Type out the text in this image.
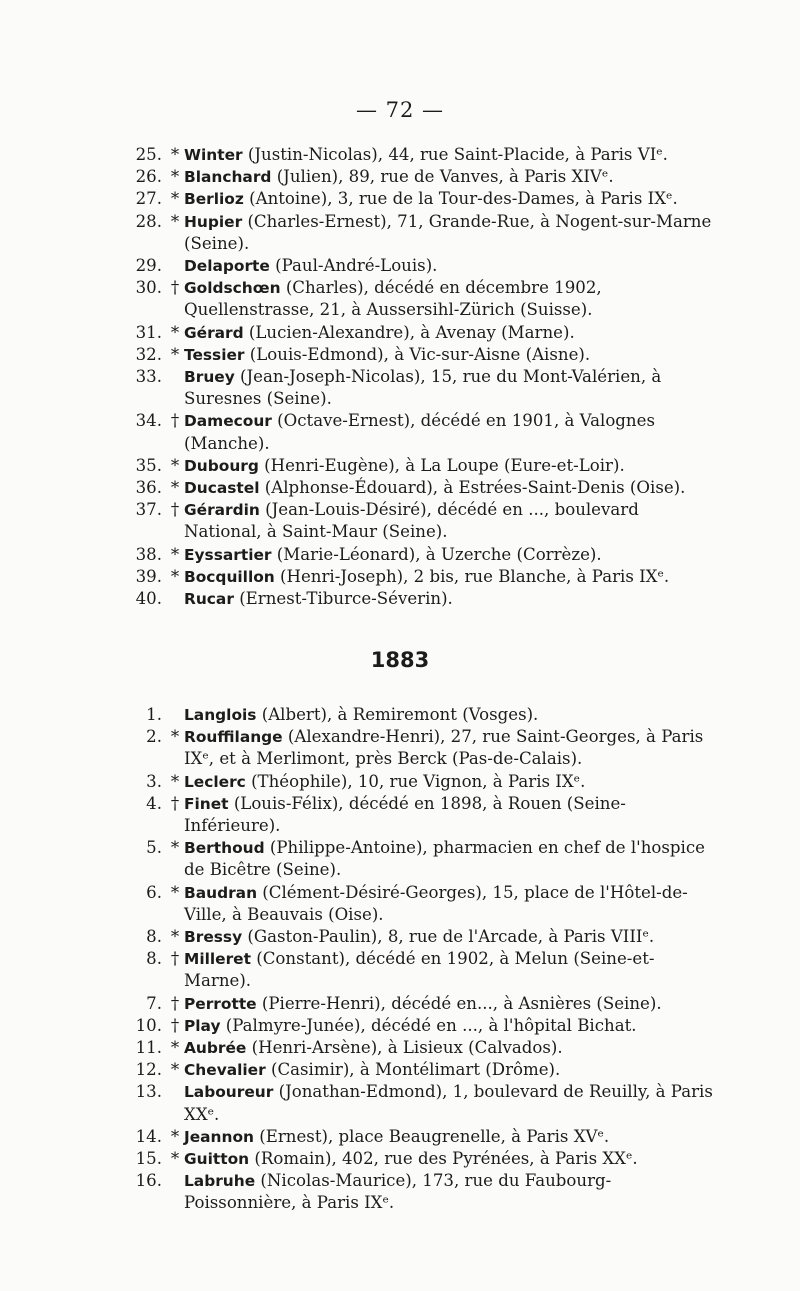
— 72 —
25. * Winter (Justin-Nicolas), 44, rue Saint-Placide, à Paris VIᵉ.
26. * Blanchard (Julien), 89, rue de Vanves, à Paris XIVᵉ.
27. * Berlioz (Antoine), 3, rue de la Tour-des-Dames, à Paris IXᵉ.
28. * Hupier (Charles-Ernest), 71, Grande-Rue, à Nogent-sur-Marne (Seine).
29. Delaporte (Paul-André-Louis).
30. † Goldschœn (Charles), décédé en décembre 1902, Quellenstrasse, 21, à Aussersihl-Zürich (Suisse).
31. * Gérard (Lucien-Alexandre), à Avenay (Marne).
32. * Tessier (Louis-Edmond), à Vic-sur-Aisne (Aisne).
33. Bruey (Jean-Joseph-Nicolas), 15, rue du Mont-Valérien, à Suresnes (Seine).
34. † Damecour (Octave-Ernest), décédé en 1901, à Valognes (Manche).
35. * Dubourg (Henri-Eugène), à La Loupe (Eure-et-Loir).
36. * Ducastel (Alphonse-Édouard), à Estrées-Saint-Denis (Oise).
37. † Gérardin (Jean-Louis-Désiré), décédé en ..., boulevard National, à Saint-Maur (Seine).
38. * Eyssartier (Marie-Léonard), à Uzerche (Corrèze).
39. * Bocquillon (Henri-Joseph), 2 bis, rue Blanche, à Paris IXᵉ.
40. Rucar (Ernest-Tiburce-Séverin).
1883
1. Langlois (Albert), à Remiremont (Vosges).
2. * Rouffilange (Alexandre-Henri), 27, rue Saint-Georges, à Paris IXᵉ, et à Merlimont, près Berck (Pas-de-Calais).
3. * Leclerc (Théophile), 10, rue Vignon, à Paris IXᵉ.
4. † Finet (Louis-Félix), décédé en 1898, à Rouen (Seine-Inférieure).
5. * Berthoud (Philippe-Antoine), pharmacien en chef de l'hospice de Bicêtre (Seine).
6. * Baudran (Clément-Désiré-Georges), 15, place de l'Hôtel-de-Ville, à Beauvais (Oise).
8. * Bressy (Gaston-Paulin), 8, rue de l'Arcade, à Paris VIIIᵉ.
8. † Milleret (Constant), décédé en 1902, à Melun (Seine-et-Marne).
7. † Perrotte (Pierre-Henri), décédé en..., à Asnières (Seine).
10. † Play (Palmyre-Junée), décédé en ..., à l'hôpital Bichat.
11. * Aubrée (Henri-Arsène), à Lisieux (Calvados).
12. * Chevalier (Casimir), à Montélimart (Drôme).
13. Laboureur (Jonathan-Edmond), 1, boulevard de Reuilly, à Paris XXᵉ.
14. * Jeannon (Ernest), place Beaugrenelle, à Paris XVᵉ.
15. * Guitton (Romain), 402, rue des Pyrénées, à Paris XXᵉ.
16. Labruhe (Nicolas-Maurice), 173, rue du Faubourg-Poissonnière, à Paris IXᵉ.
